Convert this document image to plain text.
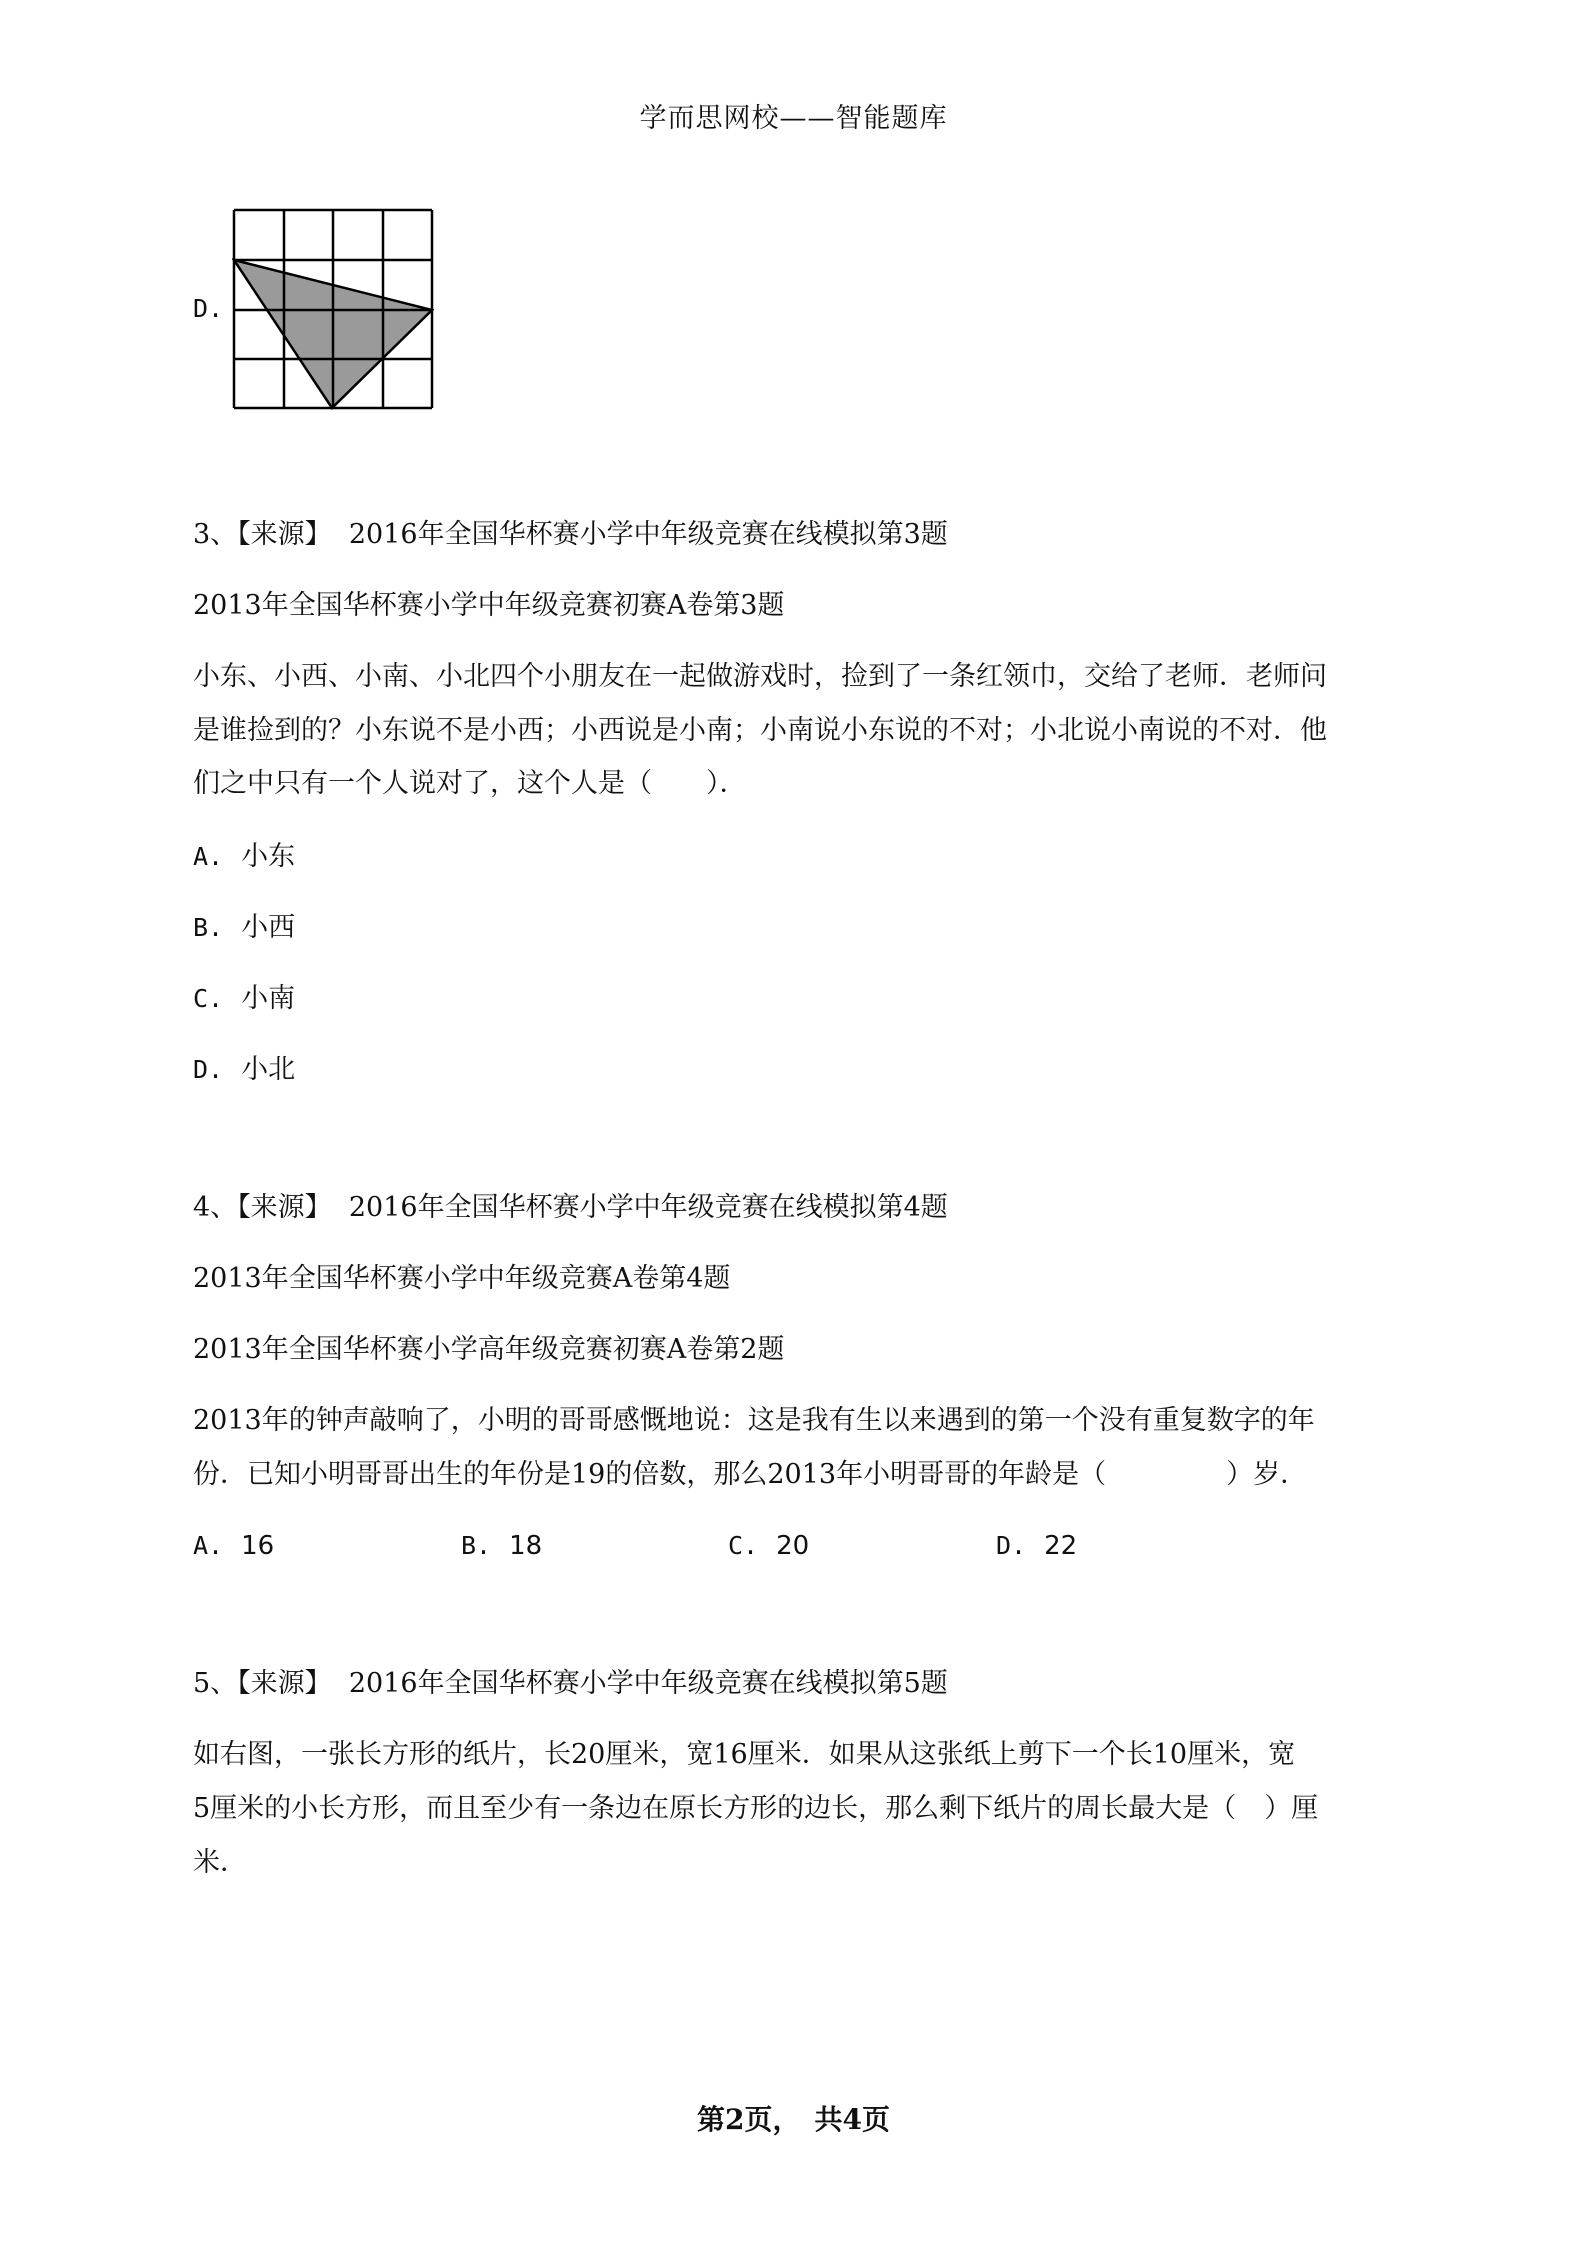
学而思网校——智能题库
D.
3、【来源】 2016年全国华杯赛小学中年级竞赛在线模拟第3题
2013年全国华杯赛小学中年级竞赛初赛A卷第3题
小东、小西、小南、小北四个小朋友在一起做游戏时，捡到了一条红领巾，交给了老师．老师问
是谁捡到的？小东说不是小西；小西说是小南；小南说小东说的不对；小北说小南说的不对．他
们之中只有一个人说对了，这个人是（　　）．
A. 小东
B. 小西
C. 小南
D. 小北
4、【来源】 2016年全国华杯赛小学中年级竞赛在线模拟第4题
2013年全国华杯赛小学中年级竞赛A卷第4题
2013年全国华杯赛小学高年级竞赛初赛A卷第2题
2013年的钟声敲响了，小明的哥哥感慨地说：这是我有生以来遇到的第一个没有重复数字的年
份．已知小明哥哥出生的年份是19的倍数，那么2013年小明哥哥的年龄是（	）岁．
A. 16	B. 18	C. 20	D. 22
5、【来源】 2016年全国华杯赛小学中年级竞赛在线模拟第5题
如右图，一张长方形的纸片，长20厘米，宽16厘米．如果从这张纸上剪下一个长10厘米，宽
5厘米的小长方形，而且至少有一条边在原长方形的边长，那么剩下纸片的周长最大是（ ）厘
米．
第2页，　共4页
